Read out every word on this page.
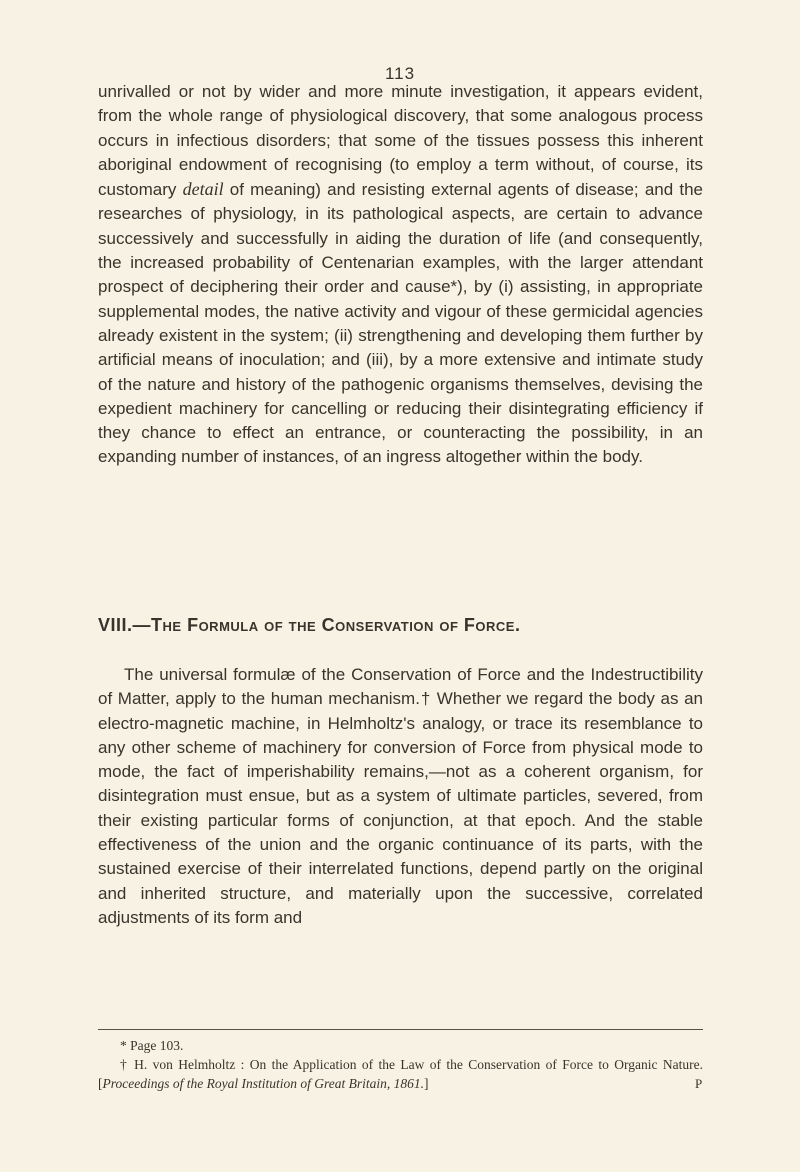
113

unrivalled or not by wider and more minute investigation, it appears evident, from the whole range of physiological discovery, that some analogous process occurs in infectious disorders; that some of the tissues possess this inherent aboriginal endowment of recognising (to employ a term without, of course, its customary detail of meaning) and resisting external agents of disease; and the researches of physiology, in its pathological aspects, are certain to advance successively and successfully in aiding the duration of life (and consequently, the increased probability of Centenarian examples, with the larger attendant prospect of deciphering their order and cause*), by (i) assisting, in appropriate supplemental modes, the native activity and vigour of these germicidal agencies already existent in the system; (ii) strengthening and developing them further by artificial means of inoculation; and (iii), by a more extensive and intimate study of the nature and history of the pathogenic organisms themselves, devising the expedient machinery for cancelling or reducing their disintegrating efficiency if they chance to effect an entrance, or counteracting the possibility, in an expanding number of instances, of an ingress altogether within the body.

VIII.—The Formula of the Conservation of Force.

The universal formulæ of the Conservation of Force and the Indestructibility of Matter, apply to the human mechanism.† Whether we regard the body as an electro-magnetic machine, in Helmholtz's analogy, or trace its resemblance to any other scheme of machinery for conversion of Force from physical mode to mode, the fact of imperishability remains,—not as a coherent organism, for disintegration must ensue, but as a system of ultimate particles, severed, from their existing particular forms of conjunction, at that epoch. And the stable effectiveness of the union and the organic continuance of its parts, with the sustained exercise of their interrelated functions, depend partly on the original and inherited structure, and materially upon the successive, correlated adjustments of its form and

* Page 103.
† H. von Helmholtz : On the Application of the Law of the Conservation of Force to Organic Nature. [Proceedings of the Royal Institution of Great Britain, 1861.]	P
